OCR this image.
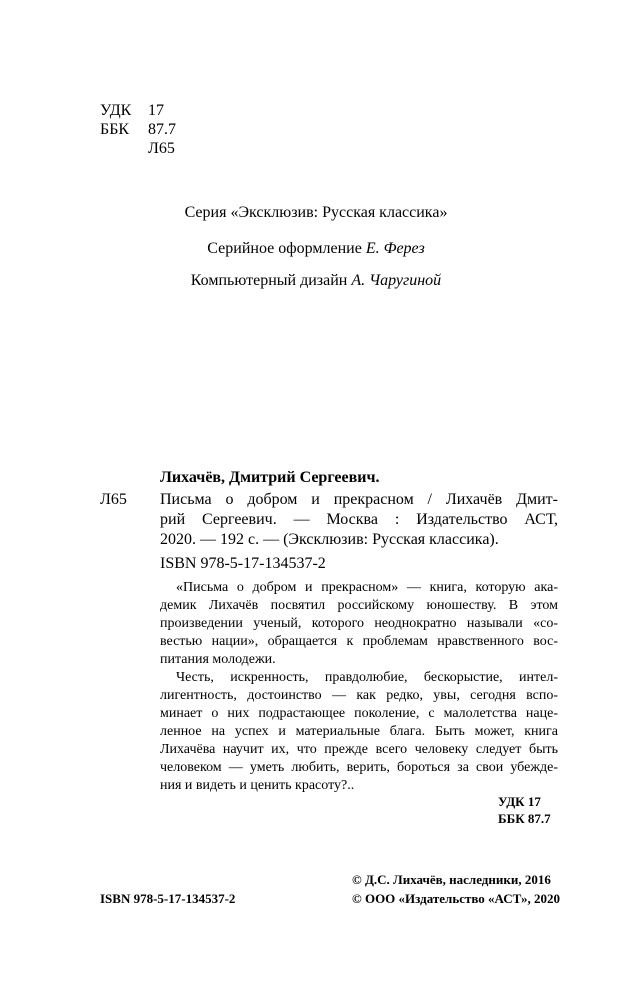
УДК 17
ББК 87.7
Л65
Серия «Эксклюзив: Русская классика»
Серийное оформление Е. Ферез
Компьютерный дизайн А. Чаругиной
Лихачёв, Дмитрий Сергеевич.
Л65 Письма о добром и прекрасном / Лихачёв Дмит-
рий Сергеевич. — Москва : Издательство АСТ,
2020. — 192 с. — (Эксклюзив: Русская классика).
ISBN 978-5-17-134537-2
«Письма о добром и прекрасном» — книга, которую ака-
демик Лихачёв посвятил российскому юношеству. В этом
произведении ученый, которого неоднократно называли «со-
вестью нации», обращается к проблемам нравственного вос-
питания молодежи.
Честь, искренность, правдолюбие, бескорыстие, интел-
лигентность, достоинство — как редко, увы, сегодня вспо-
минает о них подрастающее поколение, с малолетства наце-
ленное на успех и материальные блага. Быть может, книга
Лихачёва научит их, что прежде всего человеку следует быть
человеком — уметь любить, верить, бороться за свои убежде-
ния и видеть и ценить красоту?..
УДК 17
ББК 87.7
ISBN 978-5-17-134537-2
© Д.С. Лихачёв, наследники, 2016
© ООО «Издательство «АСТ», 2020
